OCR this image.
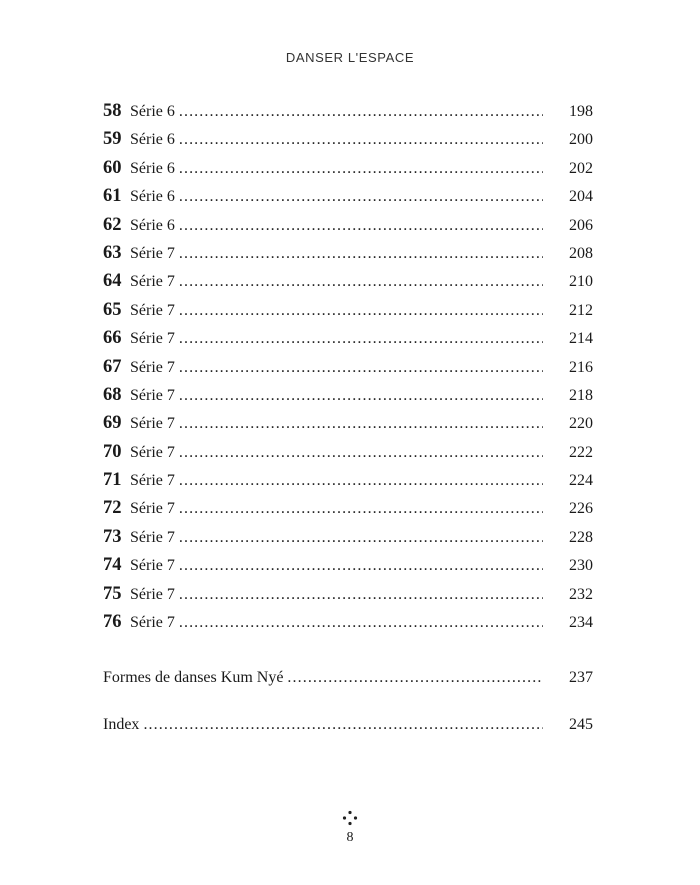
DANSER L'ESPACE
58 Série 6 .....	198
59 Série 6 .....	200
60 Série 6 .....	202
61 Série 6 .....	204
62 Série 6 .....	206
63 Série 7 .....	208
64 Série 7 .....	210
65 Série 7 .....	212
66 Série 7 .....	214
67 Série 7 .....	216
68 Série 7 .....	218
69 Série 7 .....	220
70 Série 7 .....	222
71 Série 7 .....	224
72 Série 7 .....	226
73 Série 7 .....	228
74 Série 7 .....	230
75 Série 7 .....	232
76 Série 7 .....	234
Formes de danses Kum Nyé .....	237
Index .....	245
8
